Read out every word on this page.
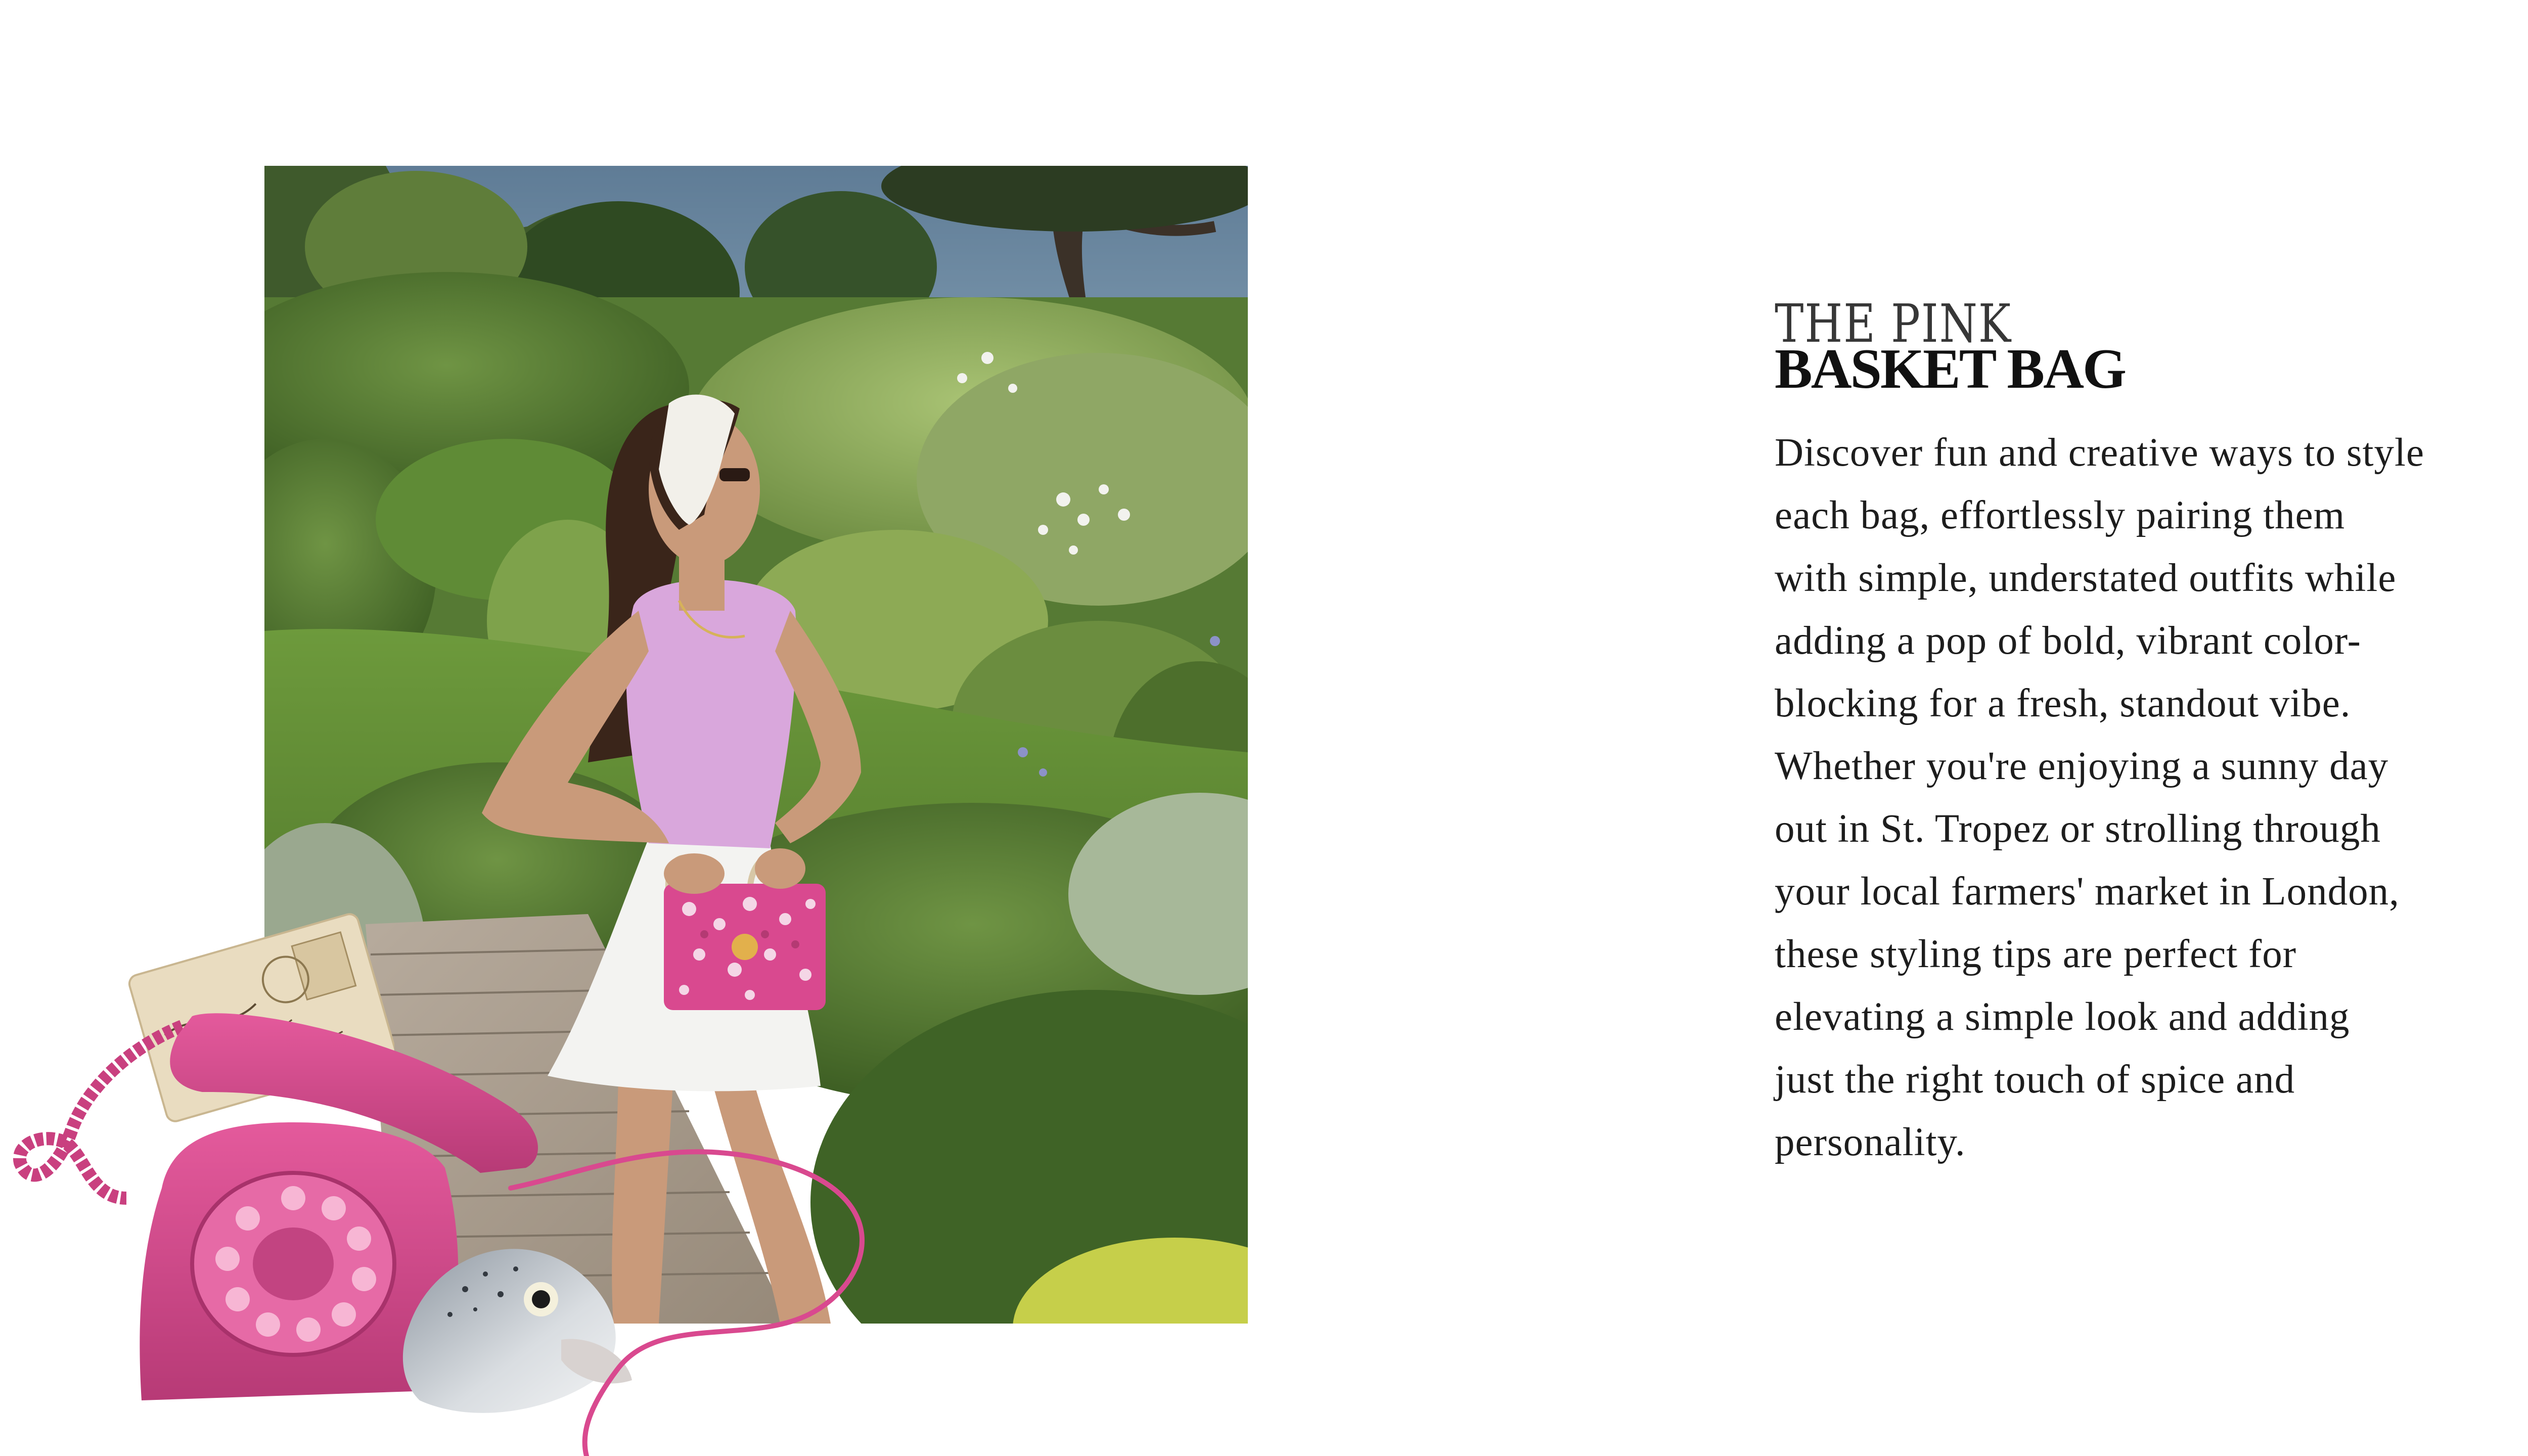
THE PINK
BASKET BAG
Discover fun and creative ways to style
each bag, effortlessly pairing them
with simple, understated outfits while
adding a pop of bold, vibrant color-
blocking for a fresh, standout vibe.
Whether you're enjoying a sunny day
out in St. Tropez or strolling through
your local farmers' market in London,
these styling tips are perfect for
elevating a simple look and adding
just the right touch of spice and
personality.
